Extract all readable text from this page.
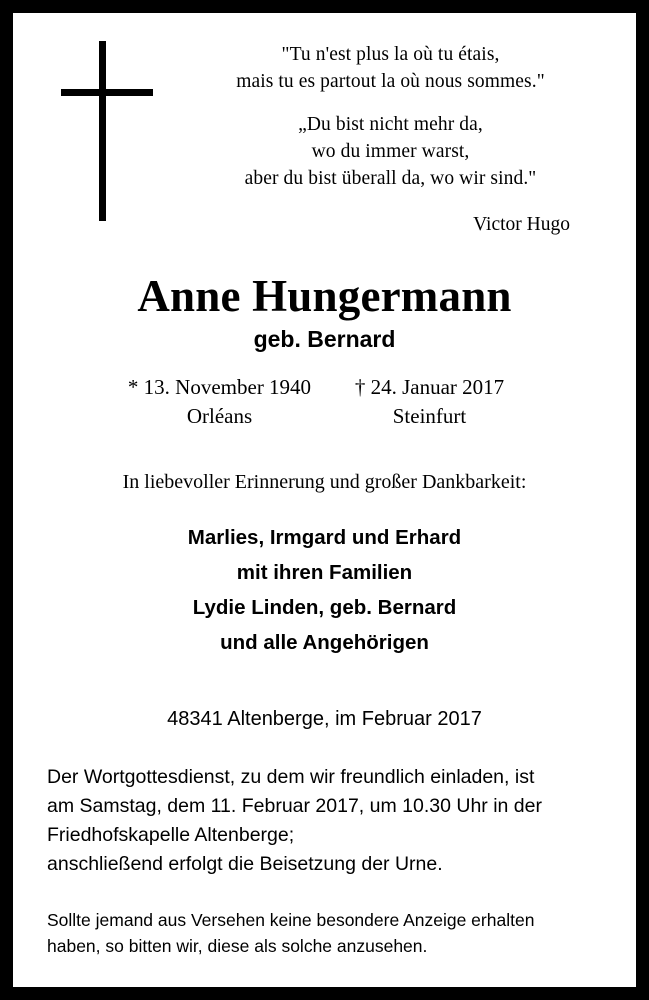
"Tu n'est plus la où tu étais,
mais tu es partout la où nous sommes."
„Du bist nicht mehr da,
wo du immer warst,
aber du bist überall da, wo wir sind."
Victor Hugo
Anne Hungermann
geb. Bernard
* 13. November 1940
Orléans
† 24. Januar 2017
Steinfurt
In liebevoller Erinnerung und großer Dankbarkeit:
Marlies, Irmgard und Erhard
mit ihren Familien
Lydie Linden, geb. Bernard
und alle Angehörigen
48341 Altenberge, im Februar 2017
Der Wortgottesdienst, zu dem wir freundlich einladen, ist
am Samstag, dem 11. Februar 2017, um 10.30 Uhr in der
Friedhofskapelle Altenberge;
anschließend erfolgt die Beisetzung der Urne.
Sollte jemand aus Versehen keine besondere Anzeige erhalten
haben, so bitten wir, diese als solche anzusehen.
